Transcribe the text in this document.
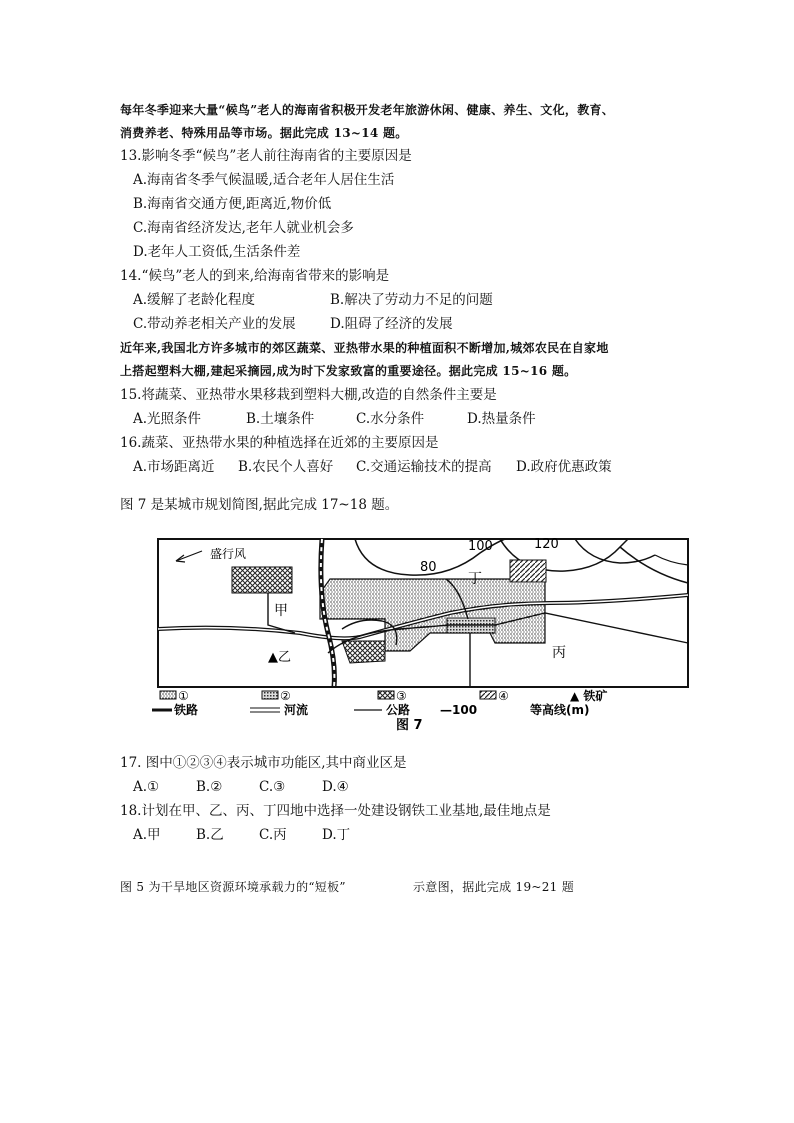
每年冬季迎来大量“候鸟”老人的海南省积极开发老年旅游休闲、健康、养生、文化，教育、
消费养老、特殊用品等市场。据此完成 13~14 题。
13.影响冬季“候鸟”老人前往海南省的主要原因是
A.海南省冬季气候温暖,适合老年人居住生活
B.海南省交通方便,距离近,物价低
C.海南省经济发达,老年人就业机会多
D.老年人工资低,生活条件差
14.“候鸟”老人的到来,给海南省带来的影响是
A.缓解了老龄化程度	B.解决了劳动力不足的问题
C.带动养老相关产业的发展	D.阻碍了经济的发展
近年来,我国北方许多城市的郊区蔬菜、亚热带水果的种植面积不断增加,城郊农民在自家地
上搭起塑料大棚,建起采摘园,成为时下发家致富的重要途径。据此完成 15~16 题。
15.将蔬菜、亚热带水果移栽到塑料大棚,改造的自然条件主要是
A.光照条件	B.土壤条件	C.水分条件	D.热量条件
16.蔬菜、亚热带水果的种植选择在近郊的主要原因是
A.市场距离近 B.农民个人喜好 C.交通运输技术的提高 D.政府优惠政策
图 7 是某城市规划简图,据此完成 17~18 题。
盛行风
80
100	120
甲
▲乙	丙
丁
①	②	③	④	▲ 铁矿
铁路	河流	公路 —100	等高线(m)
图 7
17. 图中①②③④表示城市功能区,其中商业区是
A.①	B.②	C.③	D.④
18.计划在甲、乙、丙、丁四地中选择一处建设钢铁工业基地,最佳地点是
A.甲	B.乙	C.丙	D.丁
图 5 为干旱地区资源环境承载力的“短板”	示意图，据此完成 19~21 题
